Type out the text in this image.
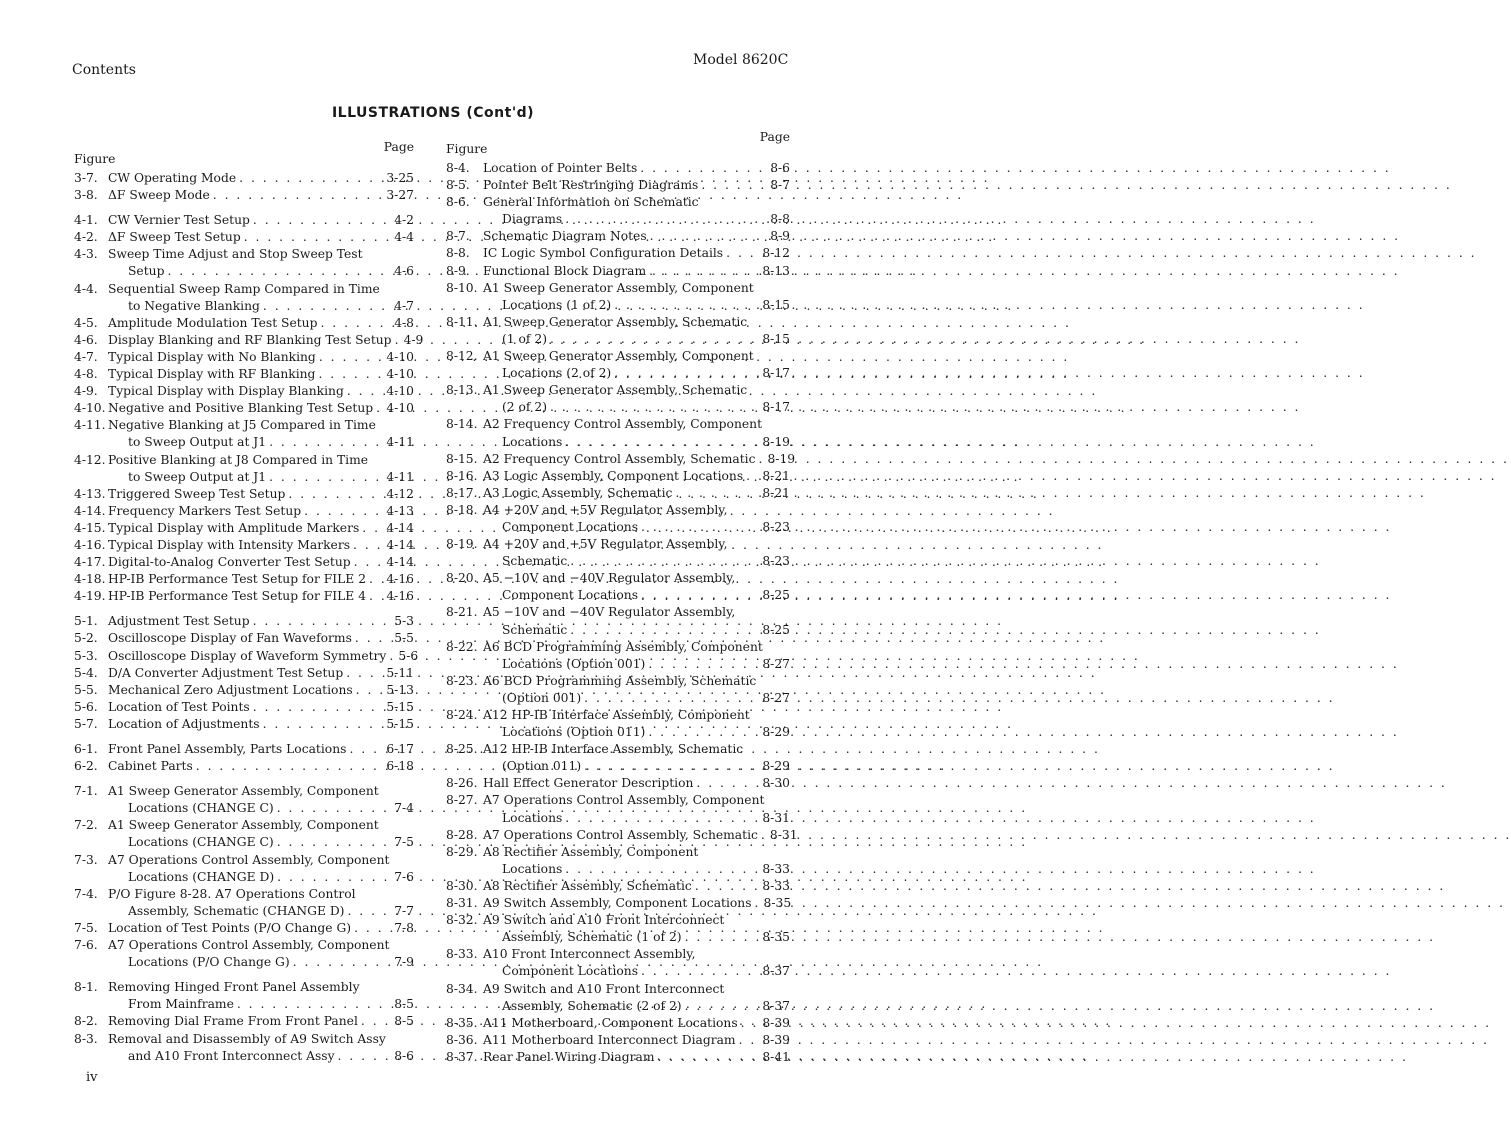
Contents
Model 8620C
ILLUSTRATIONS (Cont'd)
Figure
Page
3-7. CW Operating Mode . . .	3-25
3-8. ΔF Sweep Mode . . .	3-27
4-1. CW Vernier Test Setup . . .	4-2
4-2. ΔF Sweep Test Setup . . .	4-4
4-3. Sweep Time Adjust and Stop Sweep Test
Setup . . .	4-6
4-4. Sequential Sweep Ramp Compared in Time
to Negative Blanking . . .	4-7
4-5. Amplitude Modulation Test Setup . . .	4-8
4-6. Display Blanking and RF Blanking Test Setup . . . 4-9
4-7. Typical Display with No Blanking . . .	4-10
4-8. Typical Display with RF Blanking . . .	4-10
4-9. Typical Display with Display Blanking . . .	4-10
4-10. Negative and Positive Blanking Test Setup . . . 4-10
4-11. Negative Blanking at J5 Compared in Time
to Sweep Output at J1 . . .	4-11
4-12. Positive Blanking at J8 Compared in Time
to Sweep Output at J1 . . .	4-11
4-13. Triggered Sweep Test Setup . . .	4-12
4-14. Frequency Markers Test Setup . . .	4-13
4-15. Typical Display with Amplitude Markers . . . 4-14
4-16. Typical Display with Intensity Markers . . .	4-14
4-17. Digital-to-Analog Converter Test Setup . . .	4-14
4-18. HP-IB Performance Test Setup for FILE 2 . . . 4-16
4-19. HP-IB Performance Test Setup for FILE 4 . . . 4-16
5-1. Adjustment Test Setup . . .	5-3
5-2. Oscilloscope Display of Fan Waveforms . . .	5-5
5-3. Oscilloscope Display of Waveform Symmetry . . . 5-6
5-4. D/A Converter Adjustment Test Setup . . .	5-11
5-5. Mechanical Zero Adjustment Locations . . .	5-13
5-6. Location of Test Points . . .	5-15
5-7. Location of Adjustments . . .	5-15
6-1. Front Panel Assembly, Parts Locations . . .	6-17
6-2. Cabinet Parts . . .	6-18
7-1. A1 Sweep Generator Assembly, Component
Locations (CHANGE C) . . .	7-4
7-2. A1 Sweep Generator Assembly, Component
Locations (CHANGE C) . . .	7-5
7-3. A7 Operations Control Assembly, Component
Locations (CHANGE D) . . .	7-6
7-4. P/O Figure 8-28. A7 Operations Control
Assembly, Schematic (CHANGE D) . . .	7-7
7-5. Location of Test Points (P/O Change G) . . .	7-8
7-6. A7 Operations Control Assembly, Component
Locations (P/O Change G) . . .	7-9
8-1. Removing Hinged Front Panel Assembly
From Mainframe . . .	8-5
8-2. Removing Dial Frame From Front Panel . . .	8-5
8-3. Removal and Disassembly of A9 Switch Assy
and A10 Front Interconnect Assy . . .	8-6
Figure
Page
8-4.	Location of Pointer Belts . . .	8-6
8-5.	Pointer Belt Restringing Diagrams . . .	8-7
8-6.	General Information on Schematic
Diagrams . . .	8-8
8-7.	Schematic Diagram Notes . . .	8-9
8-8.	IC Logic Symbol Configuration Details . . .	8-12
8-9.	Functional Block Diagram . . .	8-13
8-10. A1 Sweep Generator Assembly, Component
Locations (1 of 2) . . .	8-15
8-11. A1 Sweep Generator Assembly, Schematic
(1 of 2) . . .	8-15
8-12. A1 Sweep Generator Assembly, Component
Locations (2 of 2) . . .	8-17
8-13. A1 Sweep Generator Assembly, Schematic
(2 of 2) . . .	8-17
8-14. A2 Frequency Control Assembly, Component
Locations . . .	8-19
8-15. A2 Frequency Control Assembly, Schematic . . . 8-19
8-16. A3 Logic Assembly, Component Locations . . . 8-21
8-17. A3 Logic Assembly, Schematic . . .	8-21
8-18. A4 +20V and +5V Regulator Assembly,
Component Locations . . .	8-23
8-19. A4 +20V and +5V Regulator Assembly,
Schematic . . .	8-23
8-20. A5 −10V and −40V Regulator Assembly,
Component Locations . . .	8-25
8-21. A5 −10V and −40V Regulator Assembly,
Schematic . . .	8-25
8-22. A6 BCD Programming Assembly, Component
Locations (Option 001) . . .	8-27
8-23. A6 BCD Programming Assembly, Schematic
(Option 001) . . .	8-27
8-24. A12 HP-IB Interface Assembly, Component
Locations (Option 011) . . .	8-29
8-25. A12 HP-IB Interface Assembly, Schematic
(Option 011) . . .	8-29
8-26. Hall Effect Generator Description . . .	8-30
8-27. A7 Operations Control Assembly, Component
Locations . . .	8-31
8-28. A7 Operations Control Assembly, Schematic . . . 8-31
8-29. A8 Rectifier Assembly, Component
Locations . . .	8-33
8-30. A8 Rectifier Assembly, Schematic . . .	8-33
8-31. A9 Switch Assembly, Component Locations . . . 8-35
8-32. A9 Switch and A10 Front Interconnect
Assembly, Schematic (1 of 2) . . .	8-35
8-33. A10 Front Interconnect Assembly,
Component Locations . . .	8-37
8-34. A9 Switch and A10 Front Interconnect
Assembly, Schematic (2 of 2) . . .	8-37
8-35. A11 Motherboard, Component Locations . . . 8-39
8-36. A11 Motherboard Interconnect Diagram . . . 8-39
8-37. Rear Panel Wiring Diagram . . .	8-41
iv
